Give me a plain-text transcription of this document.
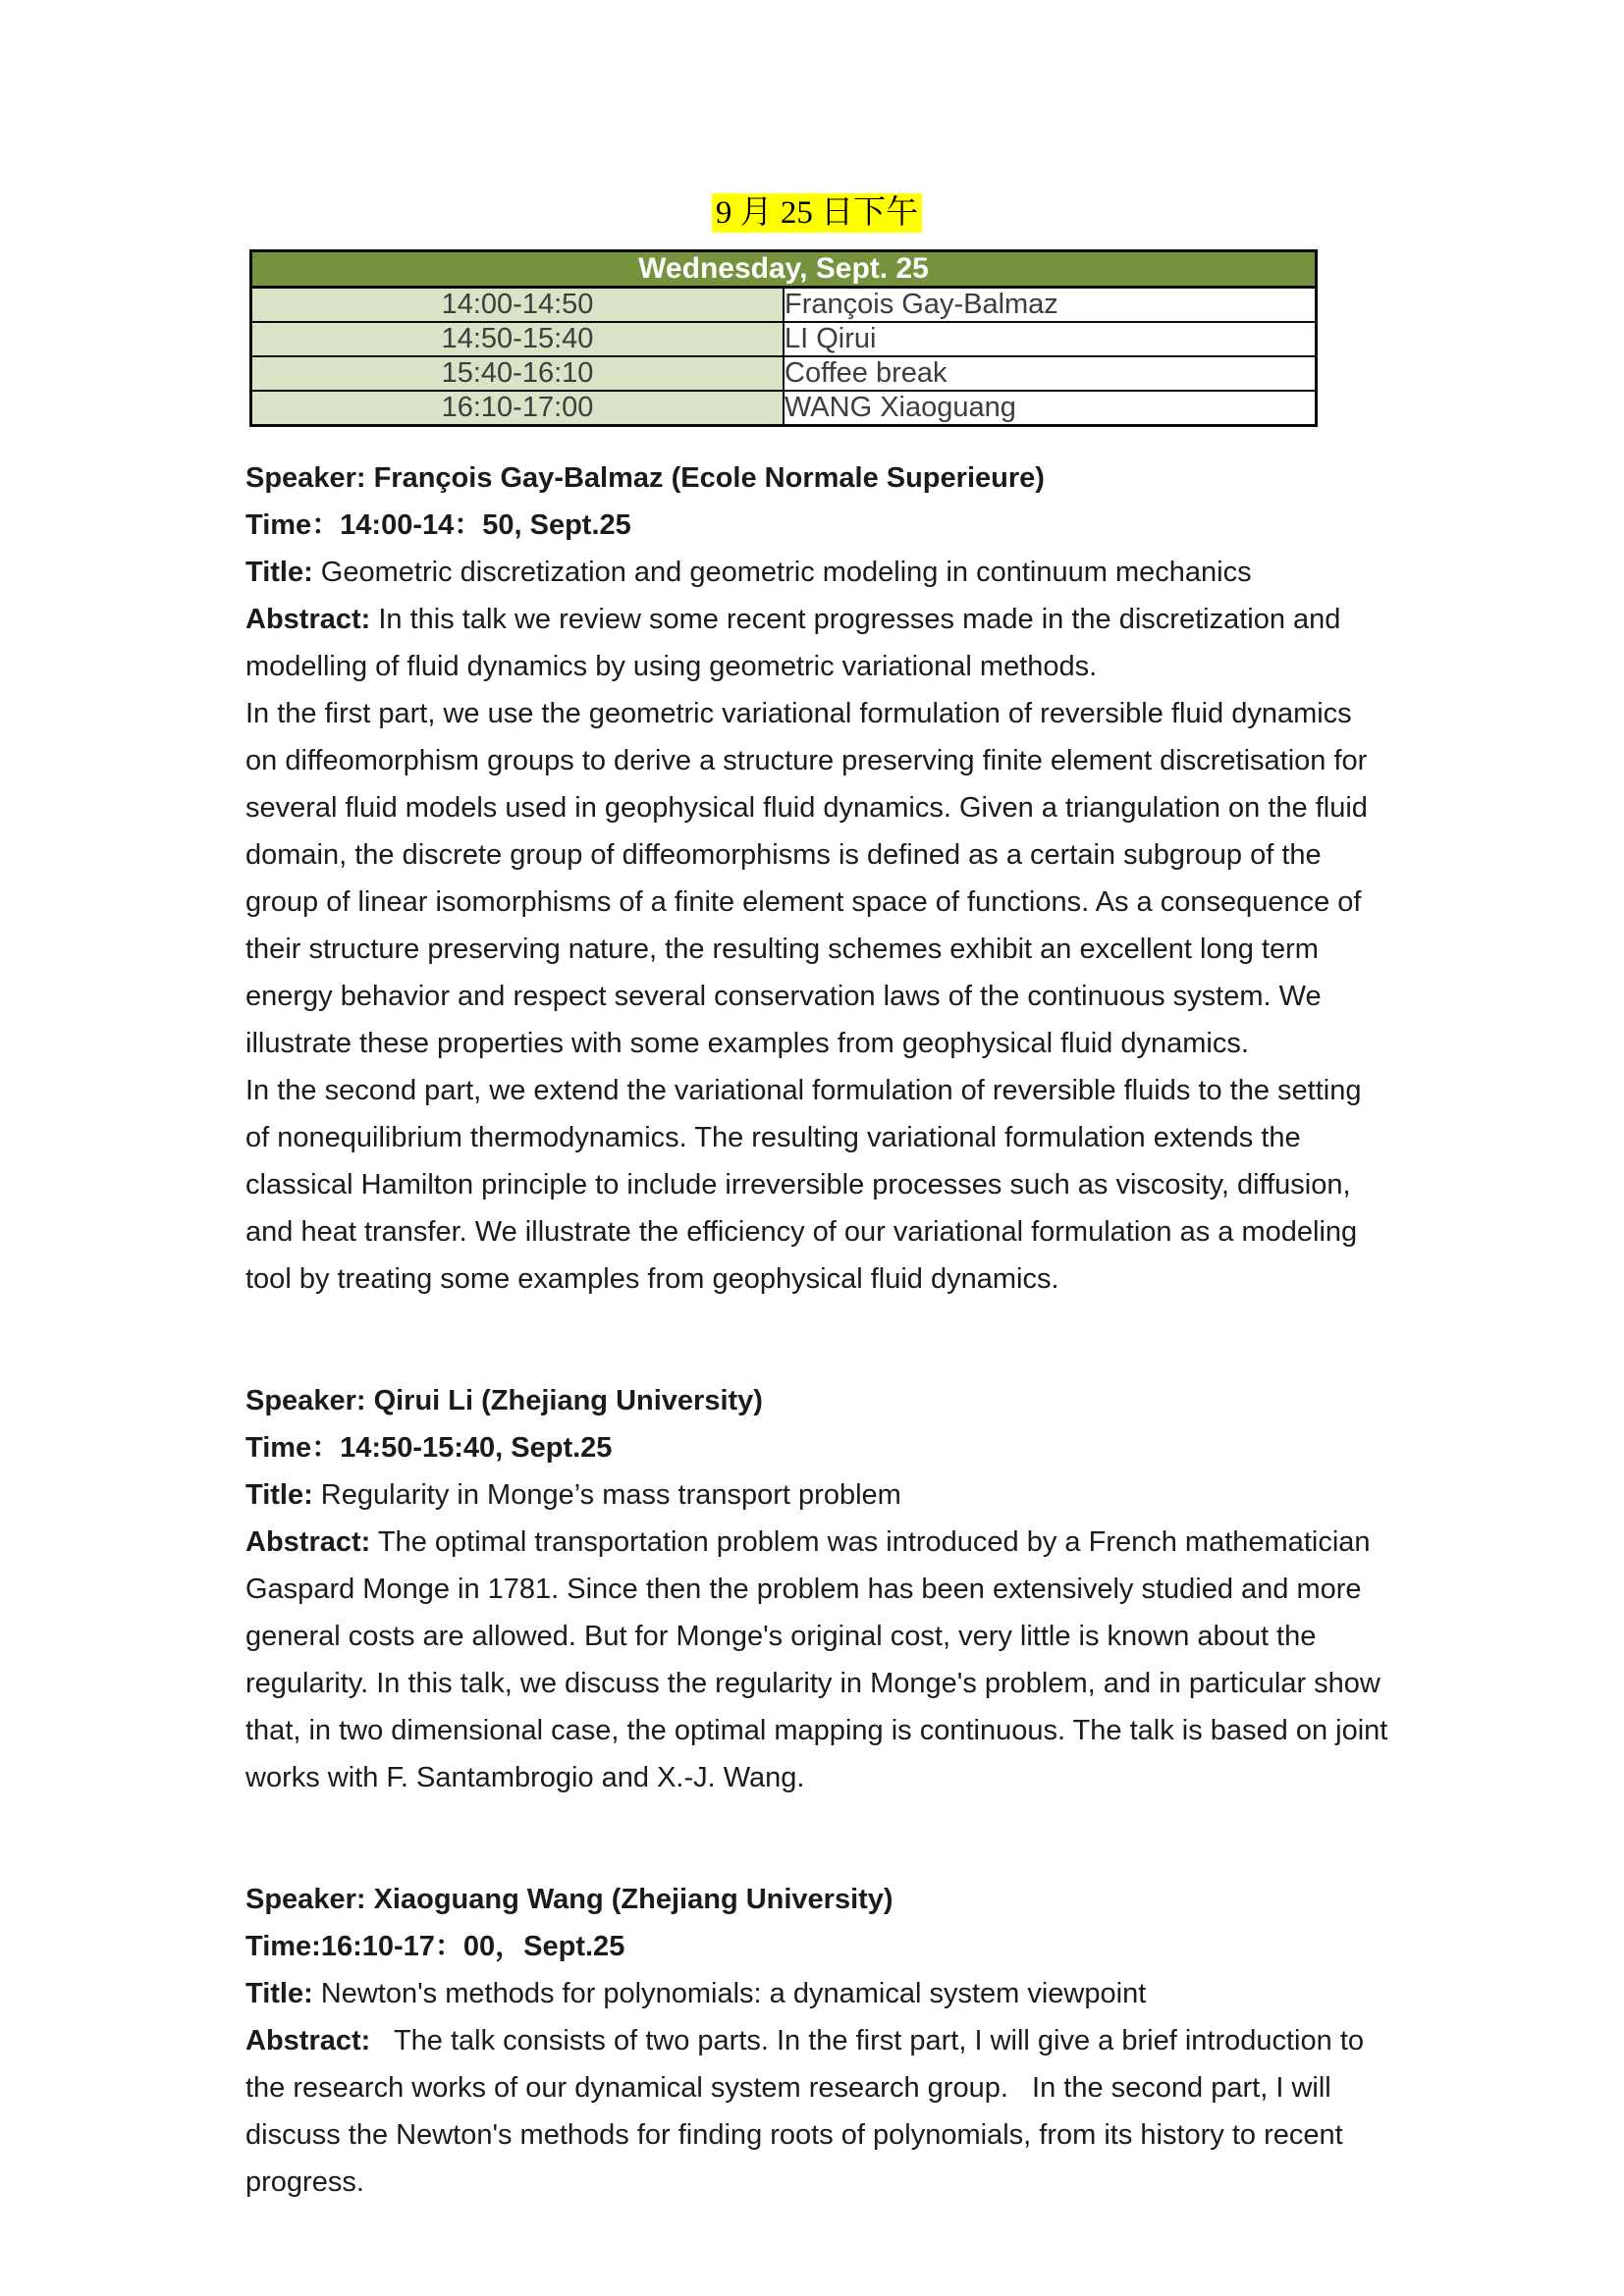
9 月 25 日下午
Wednesday, Sept. 25	
14:00-14:50	François Gay-Balmaz
14:50-15:40	LI Qirui
15:40-16:10	Coffee break
16:10-17:00	WANG Xiaoguang

Speaker: François Gay-Balmaz (Ecole Normale Superieure)

Time：14:00-14：50, Sept.25

Title: Geometric discretization and geometric modeling in continuum mechanics

Abstract: In this talk we review some recent progresses made in the discretization and modelling of fluid dynamics by using geometric variational methods.

In the first part, we use the geometric variational formulation of reversible fluid dynamics on diffeomorphism groups to derive a structure preserving finite element discretisation for several fluid models used in geophysical fluid dynamics. Given a triangulation on the fluid domain, the discrete group of diffeomorphisms is defined as a certain subgroup of the group of linear isomorphisms of a finite element space of functions. As a consequence of their structure preserving nature, the resulting schemes exhibit an excellent long term energy behavior and respect several conservation laws of the continuous system. We illustrate these properties with some examples from geophysical fluid dynamics.

In the second part, we extend the variational formulation of reversible fluids to the setting of nonequilibrium thermodynamics. The resulting variational formulation extends the classical Hamilton principle to include irreversible processes such as viscosity, diffusion, and heat transfer. We illustrate the efficiency of our variational formulation as a modeling tool by treating some examples from geophysical fluid dynamics.

Speaker: Qirui Li (Zhejiang University)

Time：14:50-15:40, Sept.25

Title: Regularity in Monge’s mass transport problem

Abstract: The optimal transportation problem was introduced by a French mathematician Gaspard Monge in 1781. Since then the problem has been extensively studied and more general costs are allowed. But for Monge's original cost, very little is known about the regularity. In this talk, we discuss the regularity in Monge's problem, and in particular show that, in two dimensional case, the optimal mapping is continuous. The talk is based on joint works with F. Santambrogio and X.-J. Wang.

Speaker: Xiaoguang Wang (Zhejiang University)

Time:16:10-17：00，Sept.25

Title: Newton's methods for polynomials: a dynamical system viewpoint

Abstract:   The talk consists of two parts. In the first part, I will give a brief introduction to the research works of our dynamical system research group.   In the second part, I will discuss the Newton's methods for finding roots of polynomials, from its history to recent progress.
